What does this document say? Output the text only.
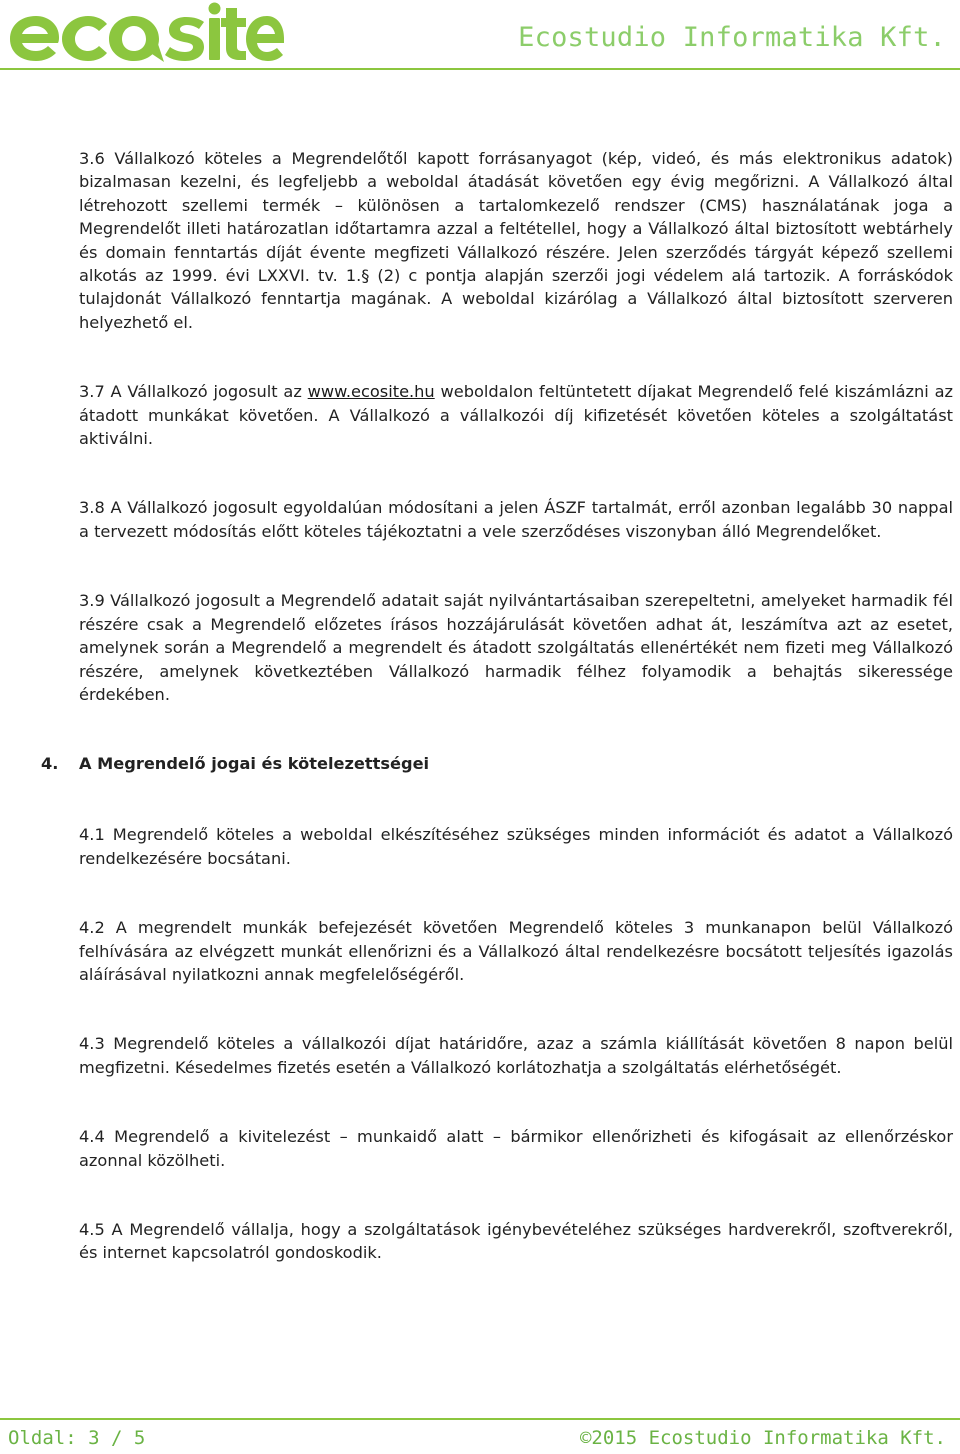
Ecostudio Informatika Kft.

3.6 Vállalkozó köteles a Megrendelőtől kapott forrásanyagot (kép, videó, és más elektronikus adatok) bizalmasan kezelni, és legfeljebb a weboldal átadását követően egy évig megőrizni. A Vállalkozó által létrehozott szellemi termék – különösen a tartalomkezelő rendszer (CMS) használatának joga a Megrendelőt illeti határozatlan időtartamra azzal a feltétellel, hogy a Vállalkozó által biztosított webtárhely és domain fenntartás díját évente megfizeti Vállalkozó részére. Jelen szerződés tárgyát képező szellemi alkotás az 1999. évi LXXVI. tv. 1.§ (2) c pontja alapján szerzői jogi védelem alá tartozik. A forráskódok tulajdonát Vállalkozó fenntartja magának. A weboldal kizárólag a Vállalkozó által biztosított szerveren helyezhető el.

3.7 A Vállalkozó jogosult az www.ecosite.hu weboldalon feltüntetett díjakat Megrendelő felé kiszámlázni az átadott munkákat követően. A Vállalkozó a vállalkozói díj kifizetését követően köteles a szolgáltatást aktiválni.

3.8 A Vállalkozó jogosult egyoldalúan módosítani a jelen ÁSZF tartalmát, erről azonban legalább 30 nappal a tervezett módosítás előtt köteles tájékoztatni a vele szerződéses viszonyban álló Megrendelőket.

3.9 Vállalkozó jogosult a Megrendelő adatait saját nyilvántartásaiban szerepeltetni, amelyeket harmadik fél részére csak a Megrendelő előzetes írásos hozzájárulását követően adhat át, leszámítva azt az esetet, amelynek során a Megrendelő a megrendelt és átadott szolgáltatás ellenértékét nem fizeti meg Vállalkozó részére, amelynek következtében Vállalkozó harmadik félhez folyamodik a behajtás sikeressége érdekében.

4. A Megrendelő jogai és kötelezettségei

4.1 Megrendelő köteles a weboldal elkészítéséhez szükséges minden információt és adatot a Vállalkozó rendelkezésére bocsátani.

4.2 A megrendelt munkák befejezését követően Megrendelő köteles 3 munkanapon belül Vállalkozó felhívására az elvégzett munkát ellenőrizni és a Vállalkozó által rendelkezésre bocsátott teljesítés igazolás aláírásával nyilatkozni annak megfelelőségéről.

4.3 Megrendelő köteles a vállalkozói díjat határidőre, azaz a számla kiállítását követően 8 napon belül megfizetni. Késedelmes fizetés esetén a Vállalkozó korlátozhatja a szolgáltatás elérhetőségét.

4.4 Megrendelő a kivitelezést – munkaidő alatt – bármikor ellenőrizheti és kifogásait az ellenőrzéskor azonnal közölheti.

4.5 A Megrendelő vállalja, hogy a szolgáltatások igénybevételéhez szükséges hardverekről, szoftverekről, és internet kapcsolatról gondoskodik.

Oldal: 3 / 5	©2015 Ecostudio Informatika Kft.
